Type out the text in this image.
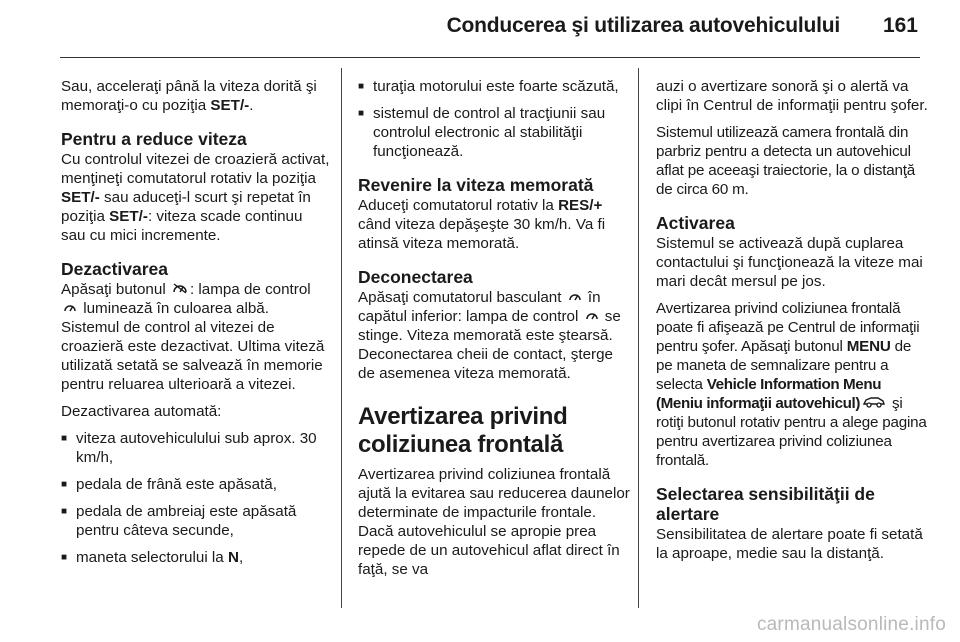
Conducerea şi utilizarea autovehiculului 161

Sau, acceleraţi până la viteza dorită şi memoraţi-o cu poziţia SET/-.

Pentru a reduce viteza

Cu controlul vitezei de croazieră activat, menţineţi comutatorul rotativ la poziţia SET/- sau aduceţi-l scurt şi repetat în poziţia SET/-: viteza scade continuu sau cu mici incremente.

Dezactivarea

Apăsaţi butonul : lampa de control
luminează în culoarea albă. Sistemul de control al vitezei de croazieră este dezactivat. Ultima viteză utilizată setată se salvează în memorie pentru reluarea ulterioară a vitezei.

Dezactivarea automată:

■ viteza autovehiculului sub aprox. 30 km/h,
■ pedala de frână este apăsată,
■ pedala de ambreiaj este apăsată pentru câteva secunde,
■ maneta selectorului la N,
■ turaţia motorului este foarte scăzută,
■ sistemul de control al tracţiunii sau controlul electronic al stabilităţii funcţionează.
Revenire la viteza memorată

Aduceţi comutatorul rotativ la RES/+ când viteza depăşeşte 30 km/h. Va fi atinsă viteza memorată.

Deconectarea

Apăsaţi comutatorul basculant  în capătul inferior: lampa de control  se stinge. Viteza memorată este ştearsă. Deconectarea cheii de contact, şterge de asemenea viteza memorată.

Avertizarea privind coliziunea frontală

Avertizarea privind coliziunea frontală ajută la evitarea sau reducerea daunelor determinate de impacturile frontale. Dacă autovehiculul se apropie prea repede de un autovehicul aflat direct în faţă, se va

auzi o avertizare sonoră şi o alertă va clipi în Centrul de informaţii pentru şofer.

Sistemul utilizează camera frontală din parbriz pentru a detecta un autovehicul aflat pe aceeaşi traiectorie, la o distanţă de circa 60 m.

Activarea

Sistemul se activează după cuplarea contactului şi funcţionează la viteze mai mari decât mersul pe jos.

Avertizarea privind coliziunea frontală poate fi afişează pe Centrul de informaţii pentru şofer. Apăsaţi butonul MENU de pe maneta de semnalizare pentru a selecta Vehicle Information Menu (Meniu informaţii autovehicul) şi rotiţi butonul rotativ pentru a alege pagina pentru avertizarea privind coliziunea frontală.

Selectarea sensibilităţii de alertare

Sensibilitatea de alertare poate fi setată la aproape, medie sau la distanţă.

carmanualsonline.info
